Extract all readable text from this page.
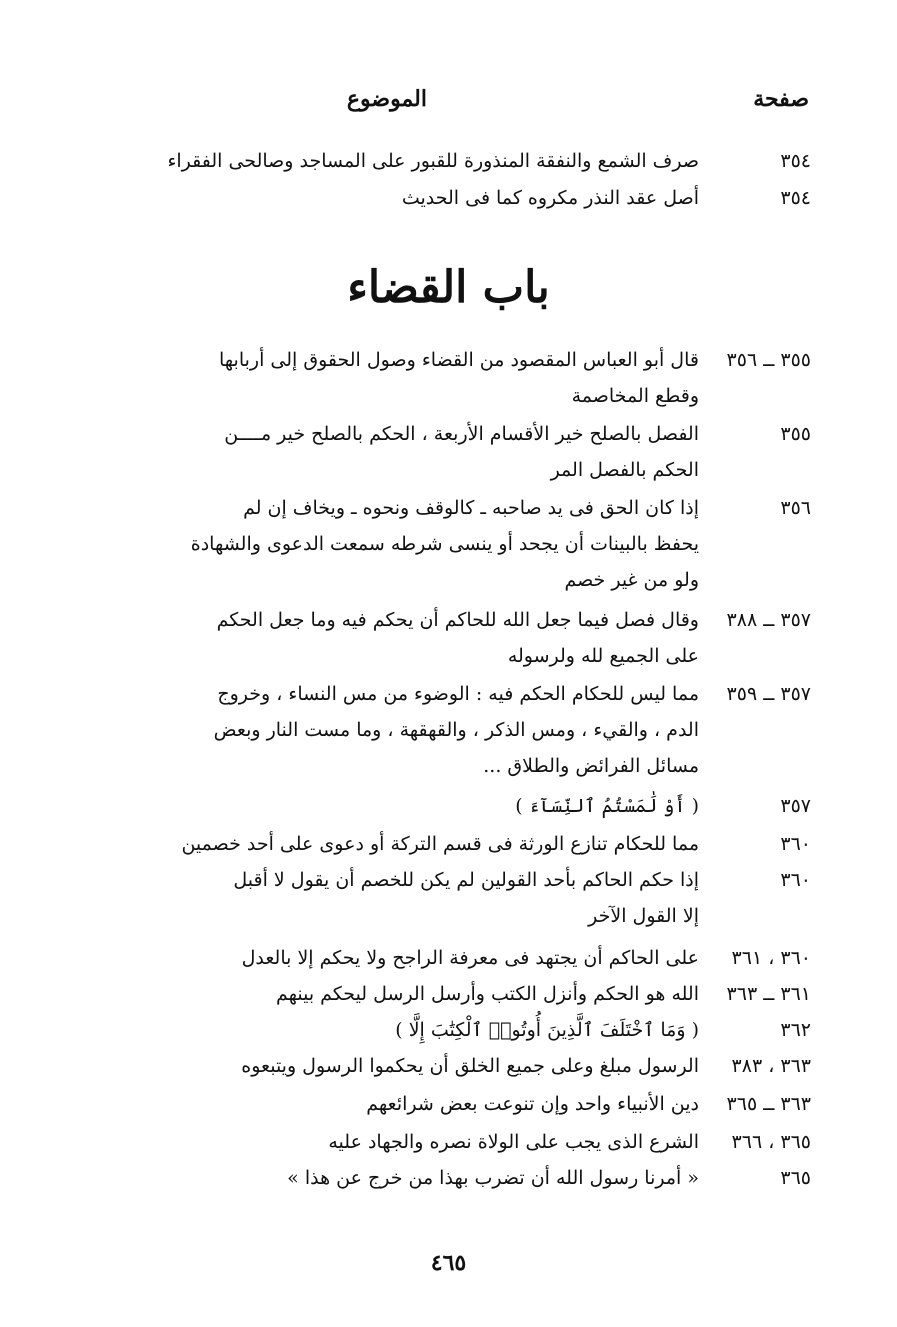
صفحة
الموضوع
٣٥٤
صرف الشمع والنفقة المنذورة للقبور على المساجد وصالحى الفقراء
٣٥٤
أصل عقد النذر مكروه كما فى الحديث
باب القضاء
٣٥٥ ــ ٣٥٦
قال أبو العباس المقصود من القضاء وصول الحقوق إلى أربابها
وقطع المخاصمة
٣٥٥
الفصل بالصلح خير الأقسام الأربعة ، الحكم بالصلح خير مــــن
الحكم بالفصل المر
٣٥٦
إذا كان الحق فى يد صاحبه ـ كالوقف ونحوه ـ ويخاف إن لم
يحفظ بالبينات أن يجحد أو ينسى شرطه سمعت الدعوى والشهادة
ولو من غير خصم
٣٥٧ ــ ٣٨٨
وقال فصل فيما جعل الله للحاكم أن يحكم فيه وما جعل الحكم
على الجميع لله ولرسوله
٣٥٧ ــ ٣٥٩
مما ليس للحكام الحكم فيه : الوضوء من مس النساء ، وخروج
الدم ، والقيء ، ومس الذكر ، والقهقهة ، وما مست النار وبعض
مسائل الفرائض والطلاق ...
٣٥٧
( أَوْ لَٰمَسْتُمُ ٱلنِّسَآءَ )
٣٦٠
مما للحكام تنازع الورثة فى قسم التركة أو دعوى على أحد خصمين
٣٦٠
إذا حكم الحاكم بأحد القولين لم يكن للخصم أن يقول لا أقبل
إلا القول الآخر
٣٦٠ ، ٣٦١
على الحاكم أن يجتهد فى معرفة الراجح ولا يحكم إلا بالعدل
٣٦١ ــ ٣٦٣
الله هو الحكم وأنزل الكتب وأرسل الرسل ليحكم بينهم
٣٦٢
( وَمَا ٱخْتَلَفَ ٱلَّذِينَ أُوتُوا۟ ٱلْكِتَٰبَ إِلَّا )
٣٦٣ ، ٣٨٣
الرسول مبلغ وعلى جميع الخلق أن يحكموا الرسول ويتبعوه
٣٦٣ ــ ٣٦٥
دين الأنبياء واحد وإن تنوعت بعض شرائعهم
٣٦٥ ، ٣٦٦
الشرع الذى يجب على الولاة نصره والجهاد عليه
٣٦٥
« أمرنا رسول الله أن تضرب بهذا من خرج عن هذا »
٤٦٥
